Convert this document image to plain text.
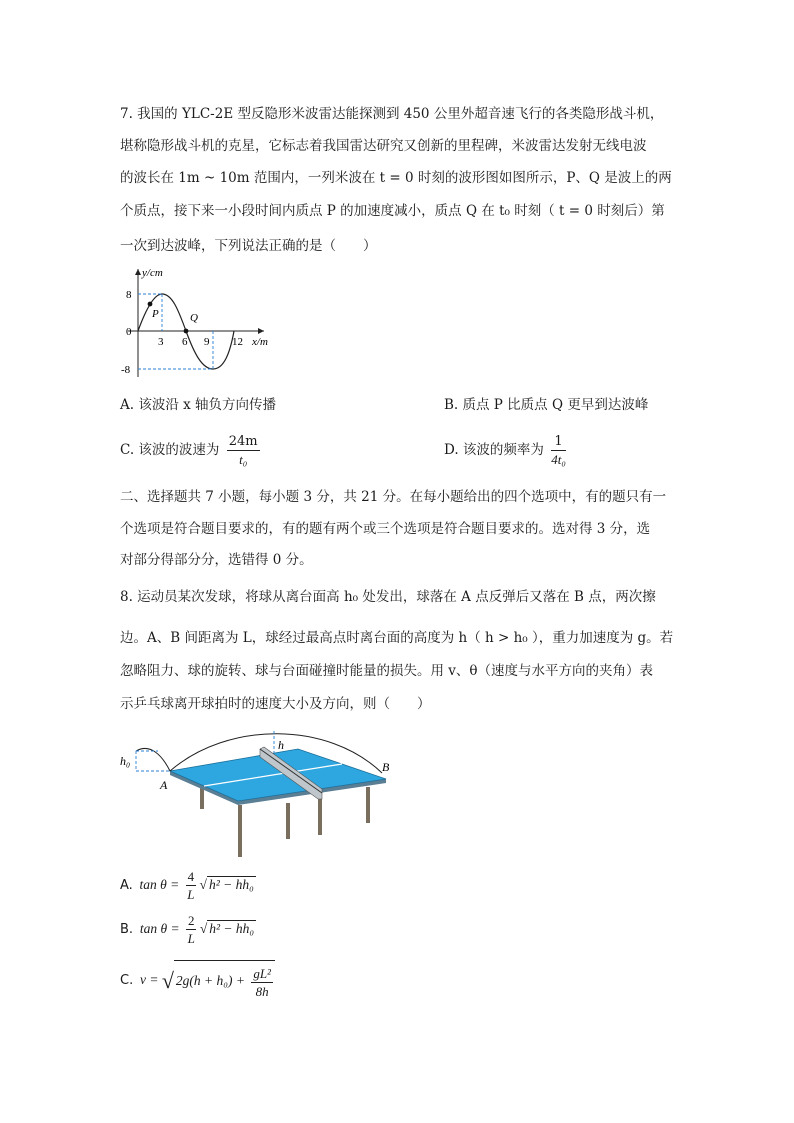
7. 我国的 YLC-2E 型反隐形米波雷达能探测到 450 公里外超音速飞行的各类隐形战斗机，
堪称隐形战斗机的克星，它标志着我国雷达研究又创新的里程碑，米波雷达发射无线电波
的波长在 1m ~ 10m 范围内，一列米波在 t = 0 时刻的波形图如图所示，P、Q 是波上的两
个质点，接下来一小段时间内质点 P 的加速度减小，质点 Q 在 t₀ 时刻（ t = 0 时刻后）第
一次到达波峰，下列说法正确的是（　　）
y/cm
x/m
8
0
-8
3 6 9 12
P	Q
A. 该波沿 x 轴负方向传播	B. 质点 P 比质点 Q 更早到达波峰
C. 该波的波速为 $\frac{24m}{\text{t₀}}$	D. 该波的频率为 $\frac{1}{\text{4t₀}}$
二、选择题共 7 小题，每小题 3 分，共 21 分。在每小题给出的四个选项中，有的题只有一
个选项是符合题目要求的，有的题有两个或三个选项是符合题目要求的。选对得 3 分，选
对部分得部分分，选错得 0 分。
8. 运动员某次发球，将球从离台面高 h₀ 处发出，球落在 A 点反弹后又落在 B 点，两次擦
边。A、B 间距离为 L，球经过最高点时离台面的高度为 h（ h > h₀ ），重力加速度为 g。若
忽略阻力、球的旋转、球与台面碰撞时能量的损失。用 v、θ（速度与水平方向的夹角）表
示乒乓球离开球拍时的速度大小及方向，则（　　）
h₀
h
A
B
A. $\tan \theta = \frac{4}{L}$ √ h² − hh₀
B. $\tan \theta = \frac{2}{L}$ √ h² − hh₀
C. v = √ $2g(h + h_0) + \frac{\text{gL²}}{8h}$
